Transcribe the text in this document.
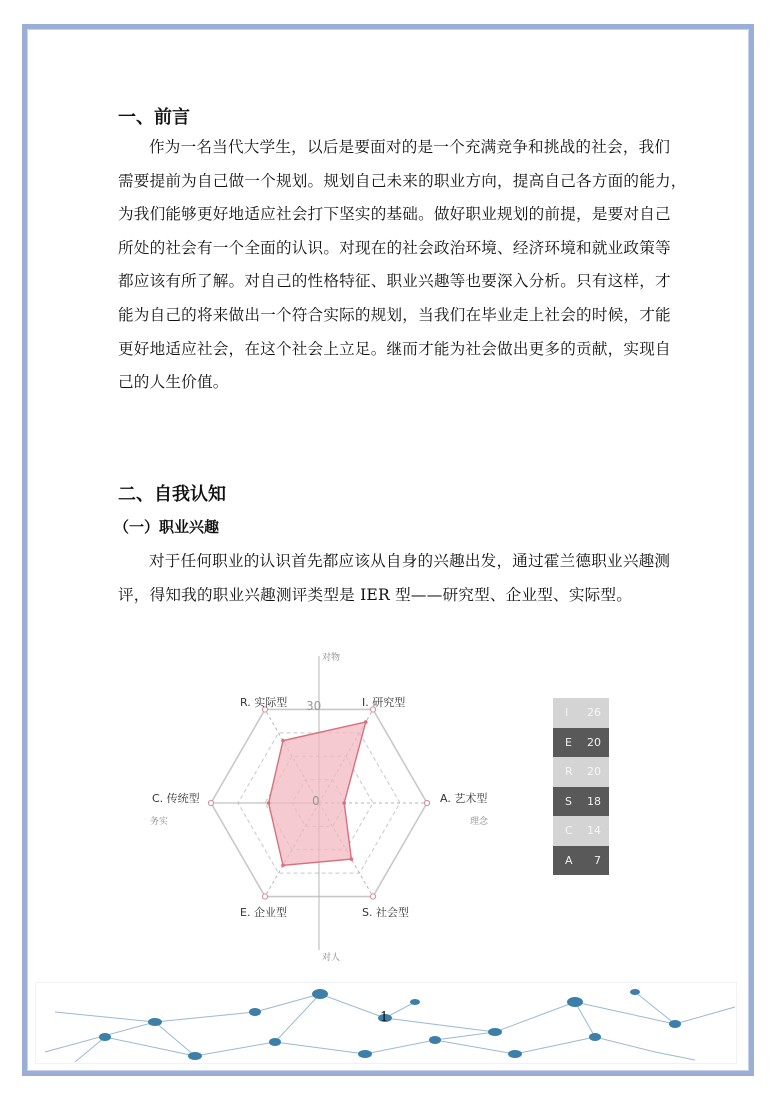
一、前言
作为一名当代大学生，以后是要面对的是一个充满竞争和挑战的社会，我们
需要提前为自己做一个规划。规划自己未来的职业方向，提高自己各方面的能力，
为我们能够更好地适应社会打下坚实的基础。做好职业规划的前提，是要对自己
所处的社会有一个全面的认识。对现在的社会政治环境、经济环境和就业政策等
都应该有所了解。对自己的性格特征、职业兴趣等也要深入分析。只有这样，才
能为自己的将来做出一个符合实际的规划，当我们在毕业走上社会的时候，才能
更好地适应社会，在这个社会上立足。继而才能为社会做出更多的贡献，实现自
己的人生价值。
二、自我认知
（一）职业兴趣
对于任何职业的认识首先都应该从自身的兴趣出发，通过霍兰德职业兴趣测
评，得知我的职业兴趣测评类型是 IER 型——研究型、企业型、实际型。
对物
对人
务实	理念
30
0
I. 研究型
A. 艺术型
S. 社会型
E. 企业型
C. 传统型
R. 实际型
I 26
E 20
R 20
S 18
C 14
A 7
1
